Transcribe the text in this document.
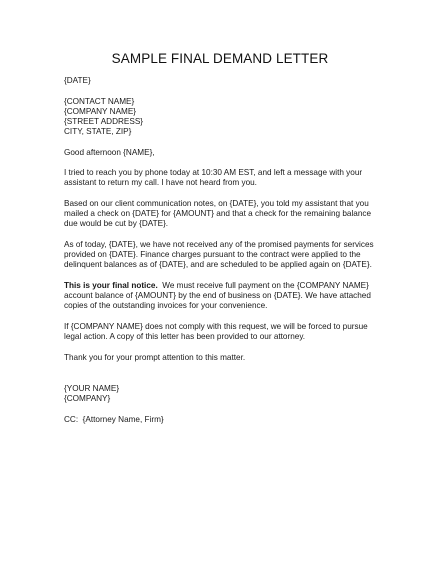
SAMPLE FINAL DEMAND LETTER
{DATE}
{CONTACT NAME}
{COMPANY NAME}
{STREET ADDRESS}
CITY, STATE, ZIP}
Good afternoon {NAME},
I tried to reach you by phone today at 10:30 AM EST, and left a message with your
assistant to return my call. I have not heard from you.
Based on our client communication notes, on {DATE}, you told my assistant that you
mailed a check on {DATE} for {AMOUNT} and that a check for the remaining balance
due would be cut by {DATE}.
As of today, {DATE}, we have not received any of the promised payments for services
provided on {DATE}. Finance charges pursuant to the contract were applied to the
delinquent balances as of {DATE}, and are scheduled to be applied again on {DATE}.
This is your final notice.  We must receive full payment on the {COMPANY NAME}
account balance of {AMOUNT} by the end of business on {DATE}. We have attached
copies of the outstanding invoices for your convenience.
If {COMPANY NAME} does not comply with this request, we will be forced to pursue
legal action. A copy of this letter has been provided to our attorney.
Thank you for your prompt attention to this matter.
{YOUR NAME}
{COMPANY}
CC:  {Attorney Name, Firm}
